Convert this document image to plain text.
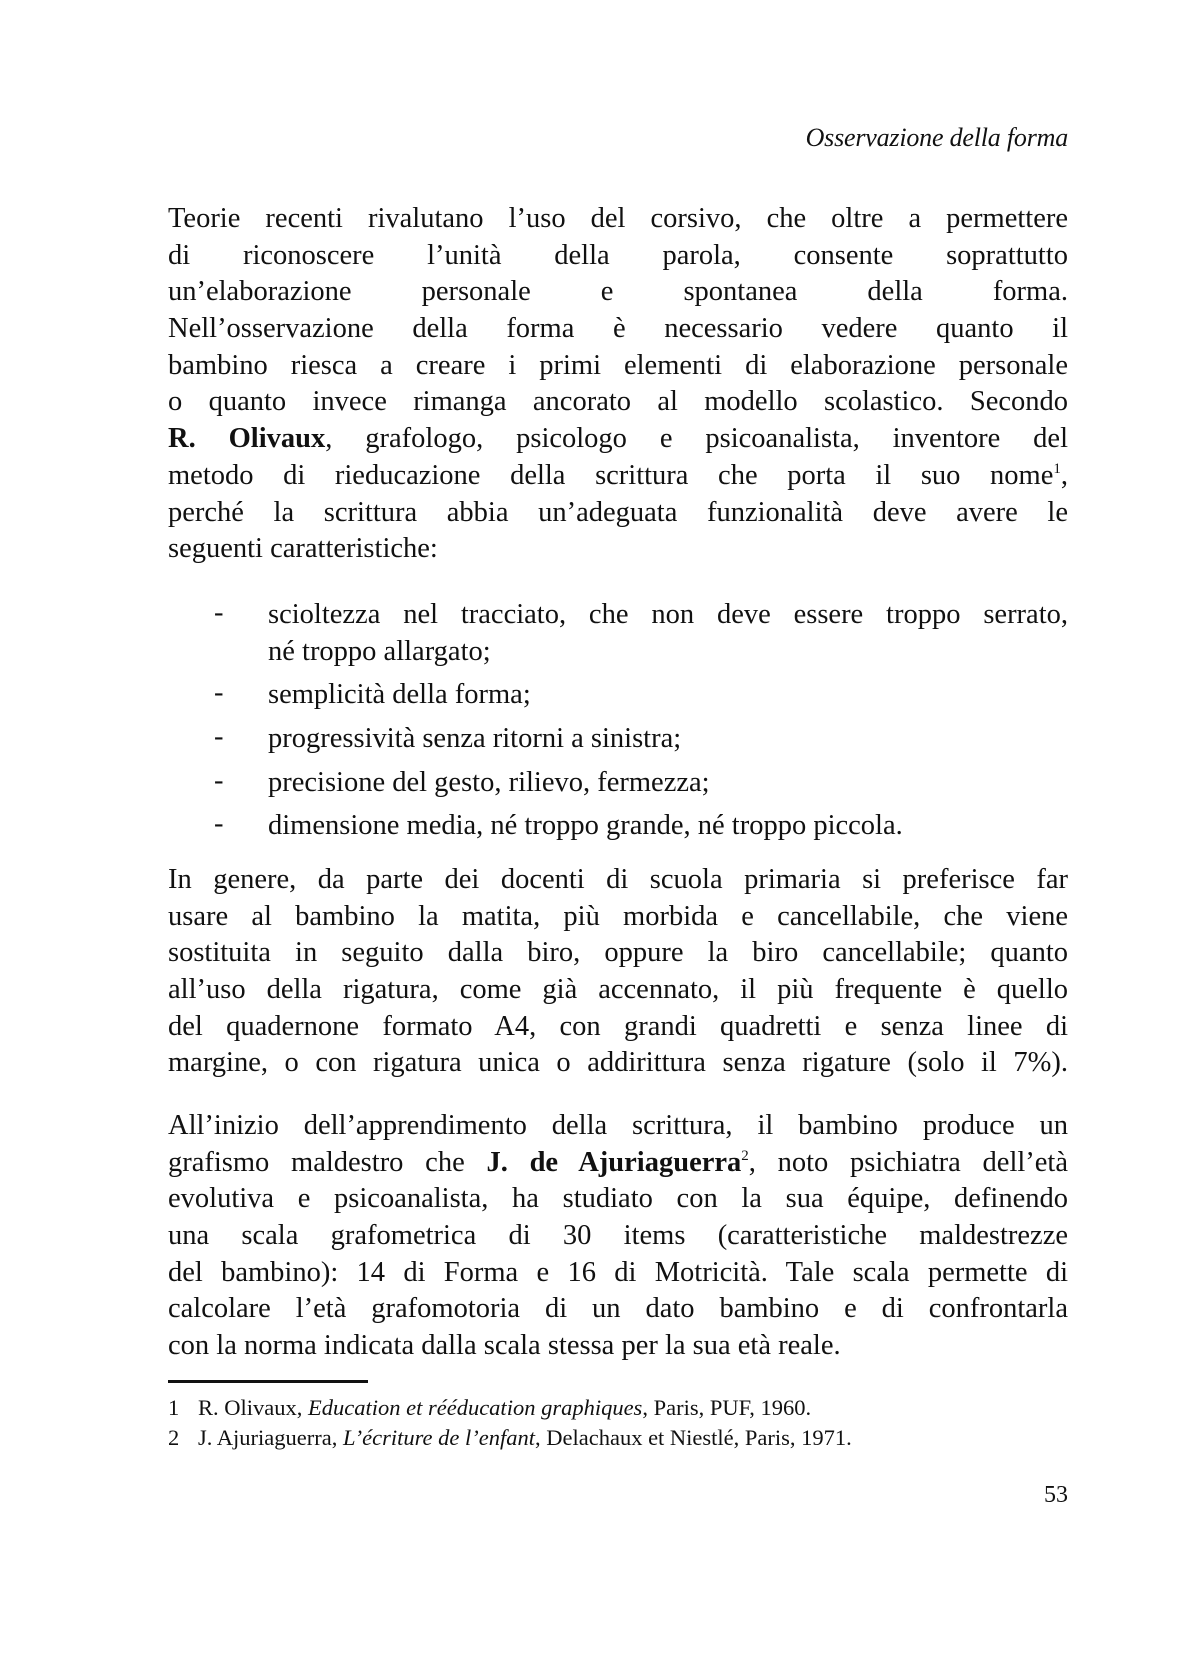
Osservazione della forma
Teorie recenti rivalutano l’uso del corsivo, che oltre a permettere
di riconoscere l’unità della parola, consente soprattutto
un’elaborazione personale e spontanea della forma.
Nell’osservazione della forma è necessario vedere quanto il
bambino riesca a creare i primi elementi di elaborazione personale
o quanto invece rimanga ancorato al modello scolastico. Secondo
R. Olivaux, grafologo, psicologo e psicoanalista, inventore del
metodo di rieducazione della scrittura che porta il suo nome$^1$,
perché la scrittura abbia un’adeguata funzionalità deve avere le
seguenti caratteristiche:
- scioltezza nel tracciato, che non deve essere troppo serrato,
né troppo allargato;
- semplicità della forma;
- progressività senza ritorni a sinistra;
- precisione del gesto, rilievo, fermezza;
- dimensione media, né troppo grande, né troppo piccola.
In genere, da parte dei docenti di scuola primaria si preferisce far
usare al bambino la matita, più morbida e cancellabile, che viene
sostituita in seguito dalla biro, oppure la biro cancellabile; quanto
all’uso della rigatura, come già accennato, il più frequente è quello
del quadernone formato A4, con grandi quadretti e senza linee di
margine, o con rigatura unica o addirittura senza rigature (solo il 7%).
All’inizio dell’apprendimento della scrittura, il bambino produce un
grafismo maldestro che J. de Ajuriaguerra$^2$, noto psichiatra dell’età
evolutiva e psicoanalista, ha studiato con la sua équipe, definendo
una scala grafometrica di 30 items (caratteristiche maldestrezze
del bambino): 14 di Forma e 16 di Motricità. Tale scala permette di
calcolare l’età grafomotoria di un dato bambino e di confrontarla
con la norma indicata dalla scala stessa per la sua età reale.
1 R. Olivaux, Education et rééducation graphiques, Paris, PUF, 1960.
2 J. Ajuriaguerra, L’écriture de l’enfant, Delachaux et Niestlé, Paris, 1971.
53
